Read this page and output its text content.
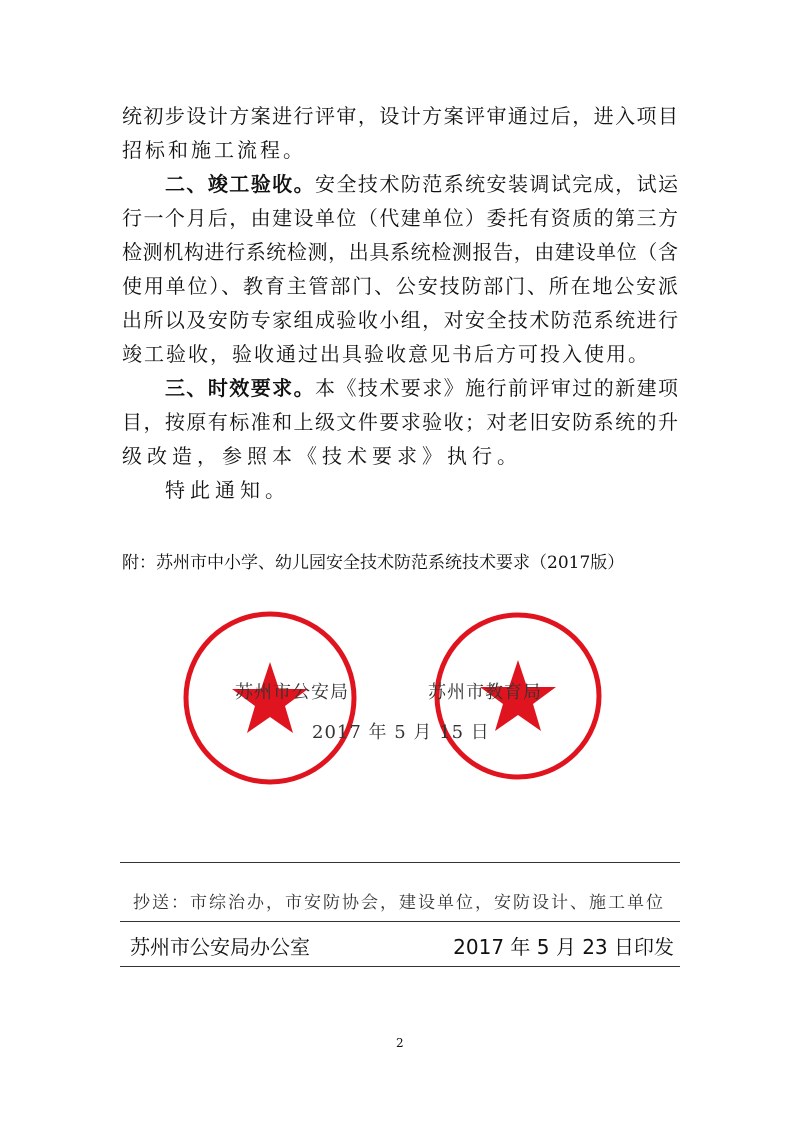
统初步设计方案进行评审，设计方案评审通过后，进入项目
招标和施工流程。
二、竣工验收。安全技术防范系统安装调试完成，试运
行一个月后，由建设单位（代建单位）委托有资质的第三方
检测机构进行系统检测，出具系统检测报告，由建设单位（含
使用单位）、教育主管部门、公安技防部门、所在地公安派
出所以及安防专家组成验收小组，对安全技术防范系统进行
竣工验收，验收通过出具验收意见书后方可投入使用。
三、时效要求。本《技术要求》施行前评审过的新建项
目，按原有标准和上级文件要求验收；对老旧安防系统的升
级改造，参照本《技术要求》执行。
特此通知。
附：苏州市中小学、幼儿园安全技术防范系统技术要求（2017版）
苏州市公安局	苏州市教育局
2017 年 5 月 15 日
抄送：市综治办，市安防协会，建设单位，安防设计、施工单位
苏州市公安局办公室	2017 年 5 月 23 日印发
2
